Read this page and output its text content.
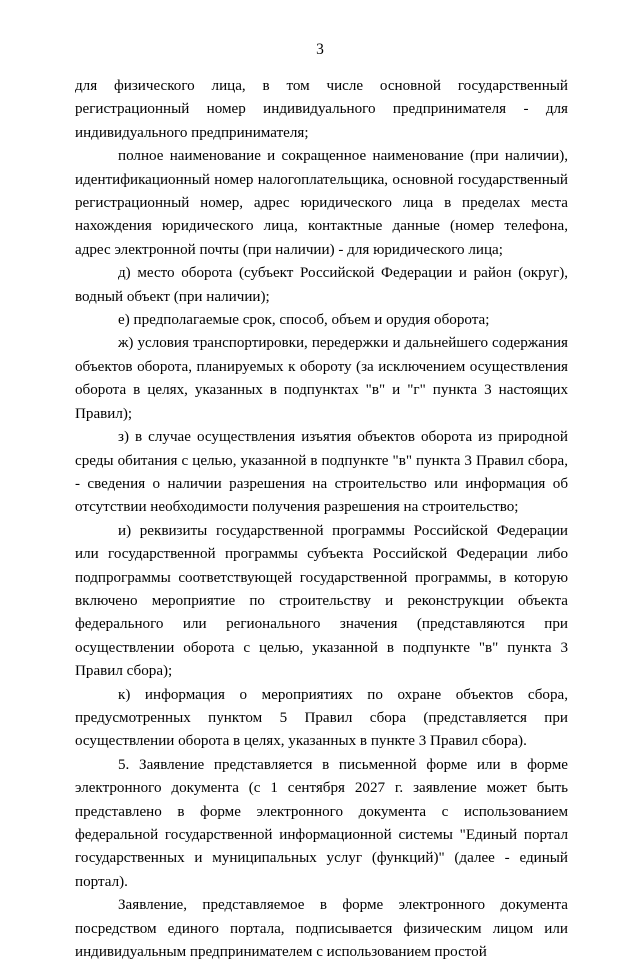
3

для физического лица, в том числе основной государственный регистрационный номер индивидуального предпринимателя - для индивидуального предпринимателя;

полное наименование и сокращенное наименование (при наличии), идентификационный номер налогоплательщика, основной государственный регистрационный номер, адрес юридического лица в пределах места нахождения юридического лица, контактные данные (номер телефона, адрес электронной почты (при наличии) - для юридического лица;

д) место оборота (субъект Российской Федерации и район (округ), водный объект (при наличии);

е) предполагаемые срок, способ, объем и орудия оборота;

ж) условия транспортировки, передержки и дальнейшего содержания объектов оборота, планируемых к обороту (за исключением осуществления оборота в целях, указанных в подпунктах "в" и "г" пункта 3 настоящих Правил);

з) в случае осуществления изъятия объектов оборота из природной среды обитания с целью, указанной в подпункте "в" пункта 3 Правил сбора, - сведения о наличии разрешения на строительство или информация об отсутствии необходимости получения разрешения на строительство;

и) реквизиты государственной программы Российской Федерации или государственной программы субъекта Российской Федерации либо подпрограммы соответствующей государственной программы, в которую включено мероприятие по строительству и реконструкции объекта федерального или регионального значения (представляются при осуществлении оборота с целью, указанной в подпункте "в" пункта 3 Правил сбора);

к) информация о мероприятиях по охране объектов сбора, предусмотренных пунктом 5 Правил сбора (представляется при осуществлении оборота в целях, указанных в пункте 3 Правил сбора).

5. Заявление представляется в письменной форме или в форме электронного документа (с 1 сентября 2027 г. заявление может быть представлено в форме электронного документа с использованием федеральной государственной информационной системы "Единый портал государственных и муниципальных услуг (функций)" (далее - единый портал).

Заявление, представляемое в форме электронного документа посредством единого портала, подписывается физическим лицом или индивидуальным предпринимателем с использованием простой
